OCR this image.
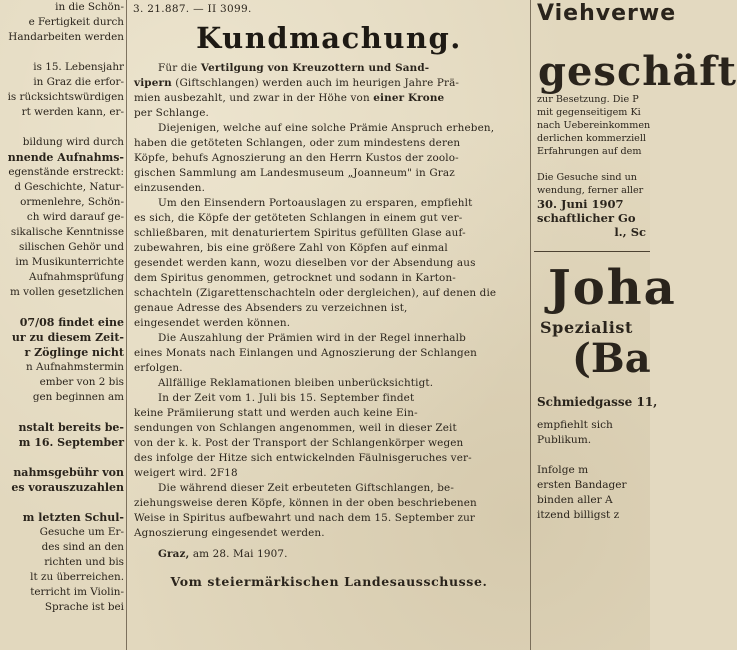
in die Schön-
e Fertigkeit durch
Handarbeiten werden

is 15. Lebensjahr
in Graz die erfor-
is rücksichtswürdigen
rt werden kann, er-

bildung wird durch
nnende Aufnahms-
egenstände erstreckt:
d Geschichte, Natur-
ormenlehre, Schön-
ch wird darauf ge-
sikalische Kenntnisse
silischen Gehör und
im Musikunterrichte
Aufnahmsprüfung
m vollen gesetzlichen

07/08 findet eine
ur zu diesem Zeit-
r Zöglinge nicht
n Aufnahmstermin
ember von 2 bis
gen beginnen am

nstalt bereits be-
m 16. September

nahmsgebühr von
es vorauszuzahlen

m letzten Schul-
Gesuche um Er-
des sind an den
richten und bis
lt zu überreichen.
terricht im Violin-
Sprache ist bei
3. 21.887. — II 3099.
Kundmachung.
Für die Vertilgung von Kreuzottern und Sand-
vipern (Giftschlangen) werden auch im heurigen Jahre Prä-
mien ausbezahlt, und zwar in der Höhe von einer Krone
per Schlange.
Diejenigen, welche auf eine solche Prämie Anspruch erheben,
haben die getöteten Schlangen, oder zum mindestens deren
Köpfe, behufs Agnoszierung an den Herrn Kustos der zoolo-
gischen Sammlung am Landesmuseum „Joanneum" in Graz
einzusenden.
Um den Einsendern Portoauslagen zu ersparen, empfiehlt
es sich, die Köpfe der getöteten Schlangen in einem gut ver-
schließbaren, mit denaturiertem Spiritus gefüllten Glase auf-
zubewahren, bis eine größere Zahl von Köpfen auf einmal
gesendet werden kann, wozu dieselben vor der Absendung aus
dem Spiritus genommen, getrocknet und sodann in Karton-
schachteln (Zigarettenschachteln oder dergleichen), auf denen die
genaue Adresse des Absenders zu verzeichnen ist,
eingesendet werden können.
Die Auszahlung der Prämien wird in der Regel innerhalb
eines Monats nach Einlangen und Agnoszierung der Schlangen
erfolgen.
Allfällige Reklamationen bleiben unberücksichtigt.
In der Zeit vom 1. Juli bis 15. September findet
keine Prämiierung statt und werden auch keine Ein-
sendungen von Schlangen angenommen, weil in dieser Zeit
von der k. k. Post der Transport der Schlangenkörper wegen
des infolge der Hitze sich entwickelnden Fäulnisgeruches ver-
weigert wird. 2F18
Die während dieser Zeit erbeuteten Giftschlangen, be-
ziehungsweise deren Köpfe, können in der oben beschriebenen
Weise in Spiritus aufbewahrt und nach dem 15. September zur
Agnoszierung eingesendet werden.
Graz, am 28. Mai 1907.
Vom steiermärkischen Landesausschusse.
Viehverwe
geschäft
zur Besetzung. Die P
mit gegenseitigem Ki
nach Uebereinkommen
derlichen kommerziell
Erfahrungen auf dem

Die Gesuche sind un
wendung, ferner aller
30. Juni 1907
schaftlicher Go
l., Sc
Joha
Spezialist
(Ba
Schmiedgasse 11,
empfiehlt sich
Publikum.

Infolge m
ersten Bandager
binden aller A
itzend billigst z
